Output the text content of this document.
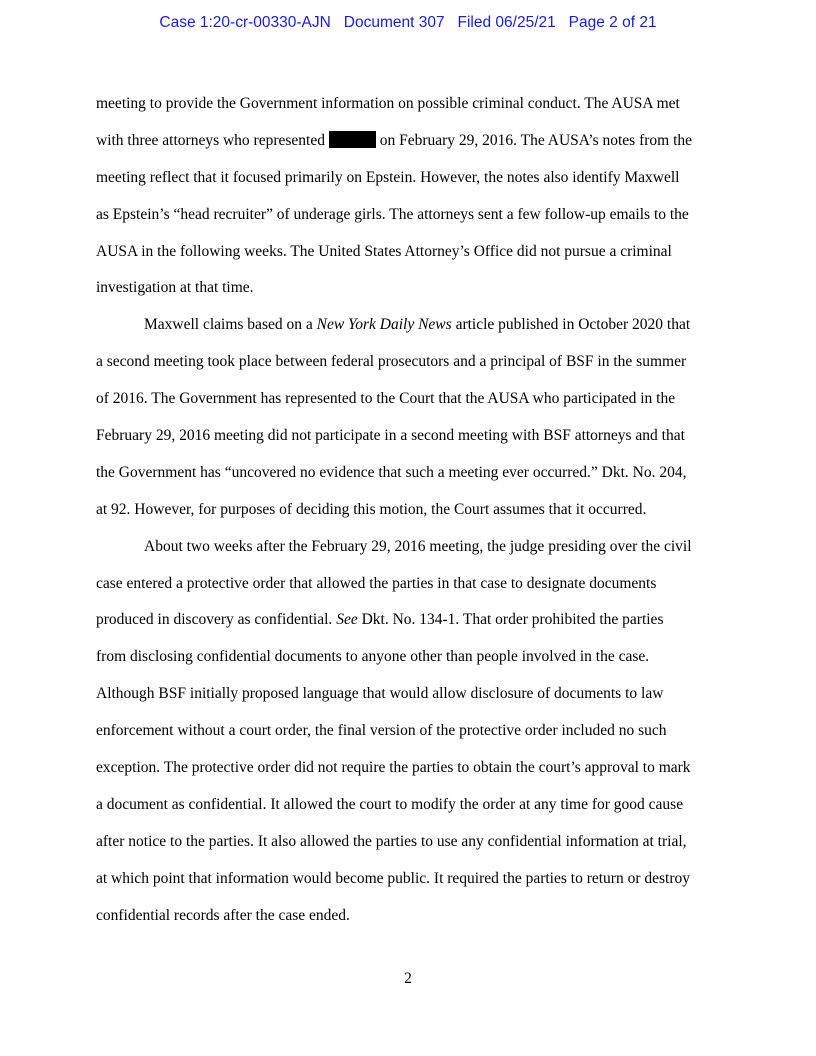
Case 1:20-cr-00330-AJN Document 307 Filed 06/25/21 Page 2 of 21
meeting to provide the Government information on possible criminal conduct. The AUSA met
with three attorneys who represented	on February 29, 2016. The AUSA’s notes from the
meeting reflect that it focused primarily on Epstein. However, the notes also identify Maxwell
as Epstein’s “head recruiter” of underage girls. The attorneys sent a few follow-up emails to the
AUSA in the following weeks. The United States Attorney’s Office did not pursue a criminal
investigation at that time.
Maxwell claims based on a New York Daily News article published in October 2020 that
a second meeting took place between federal prosecutors and a principal of BSF in the summer
of 2016. The Government has represented to the Court that the AUSA who participated in the
February 29, 2016 meeting did not participate in a second meeting with BSF attorneys and that
the Government has “uncovered no evidence that such a meeting ever occurred.” Dkt. No. 204,
at 92. However, for purposes of deciding this motion, the Court assumes that it occurred.
About two weeks after the February 29, 2016 meeting, the judge presiding over the civil
case entered a protective order that allowed the parties in that case to designate documents
produced in discovery as confidential. See Dkt. No. 134-1. That order prohibited the parties
from disclosing confidential documents to anyone other than people involved in the case.
Although BSF initially proposed language that would allow disclosure of documents to law
enforcement without a court order, the final version of the protective order included no such
exception. The protective order did not require the parties to obtain the court’s approval to mark
a document as confidential. It allowed the court to modify the order at any time for good cause
after notice to the parties. It also allowed the parties to use any confidential information at trial,
at which point that information would become public. It required the parties to return or destroy
confidential records after the case ended.
2
